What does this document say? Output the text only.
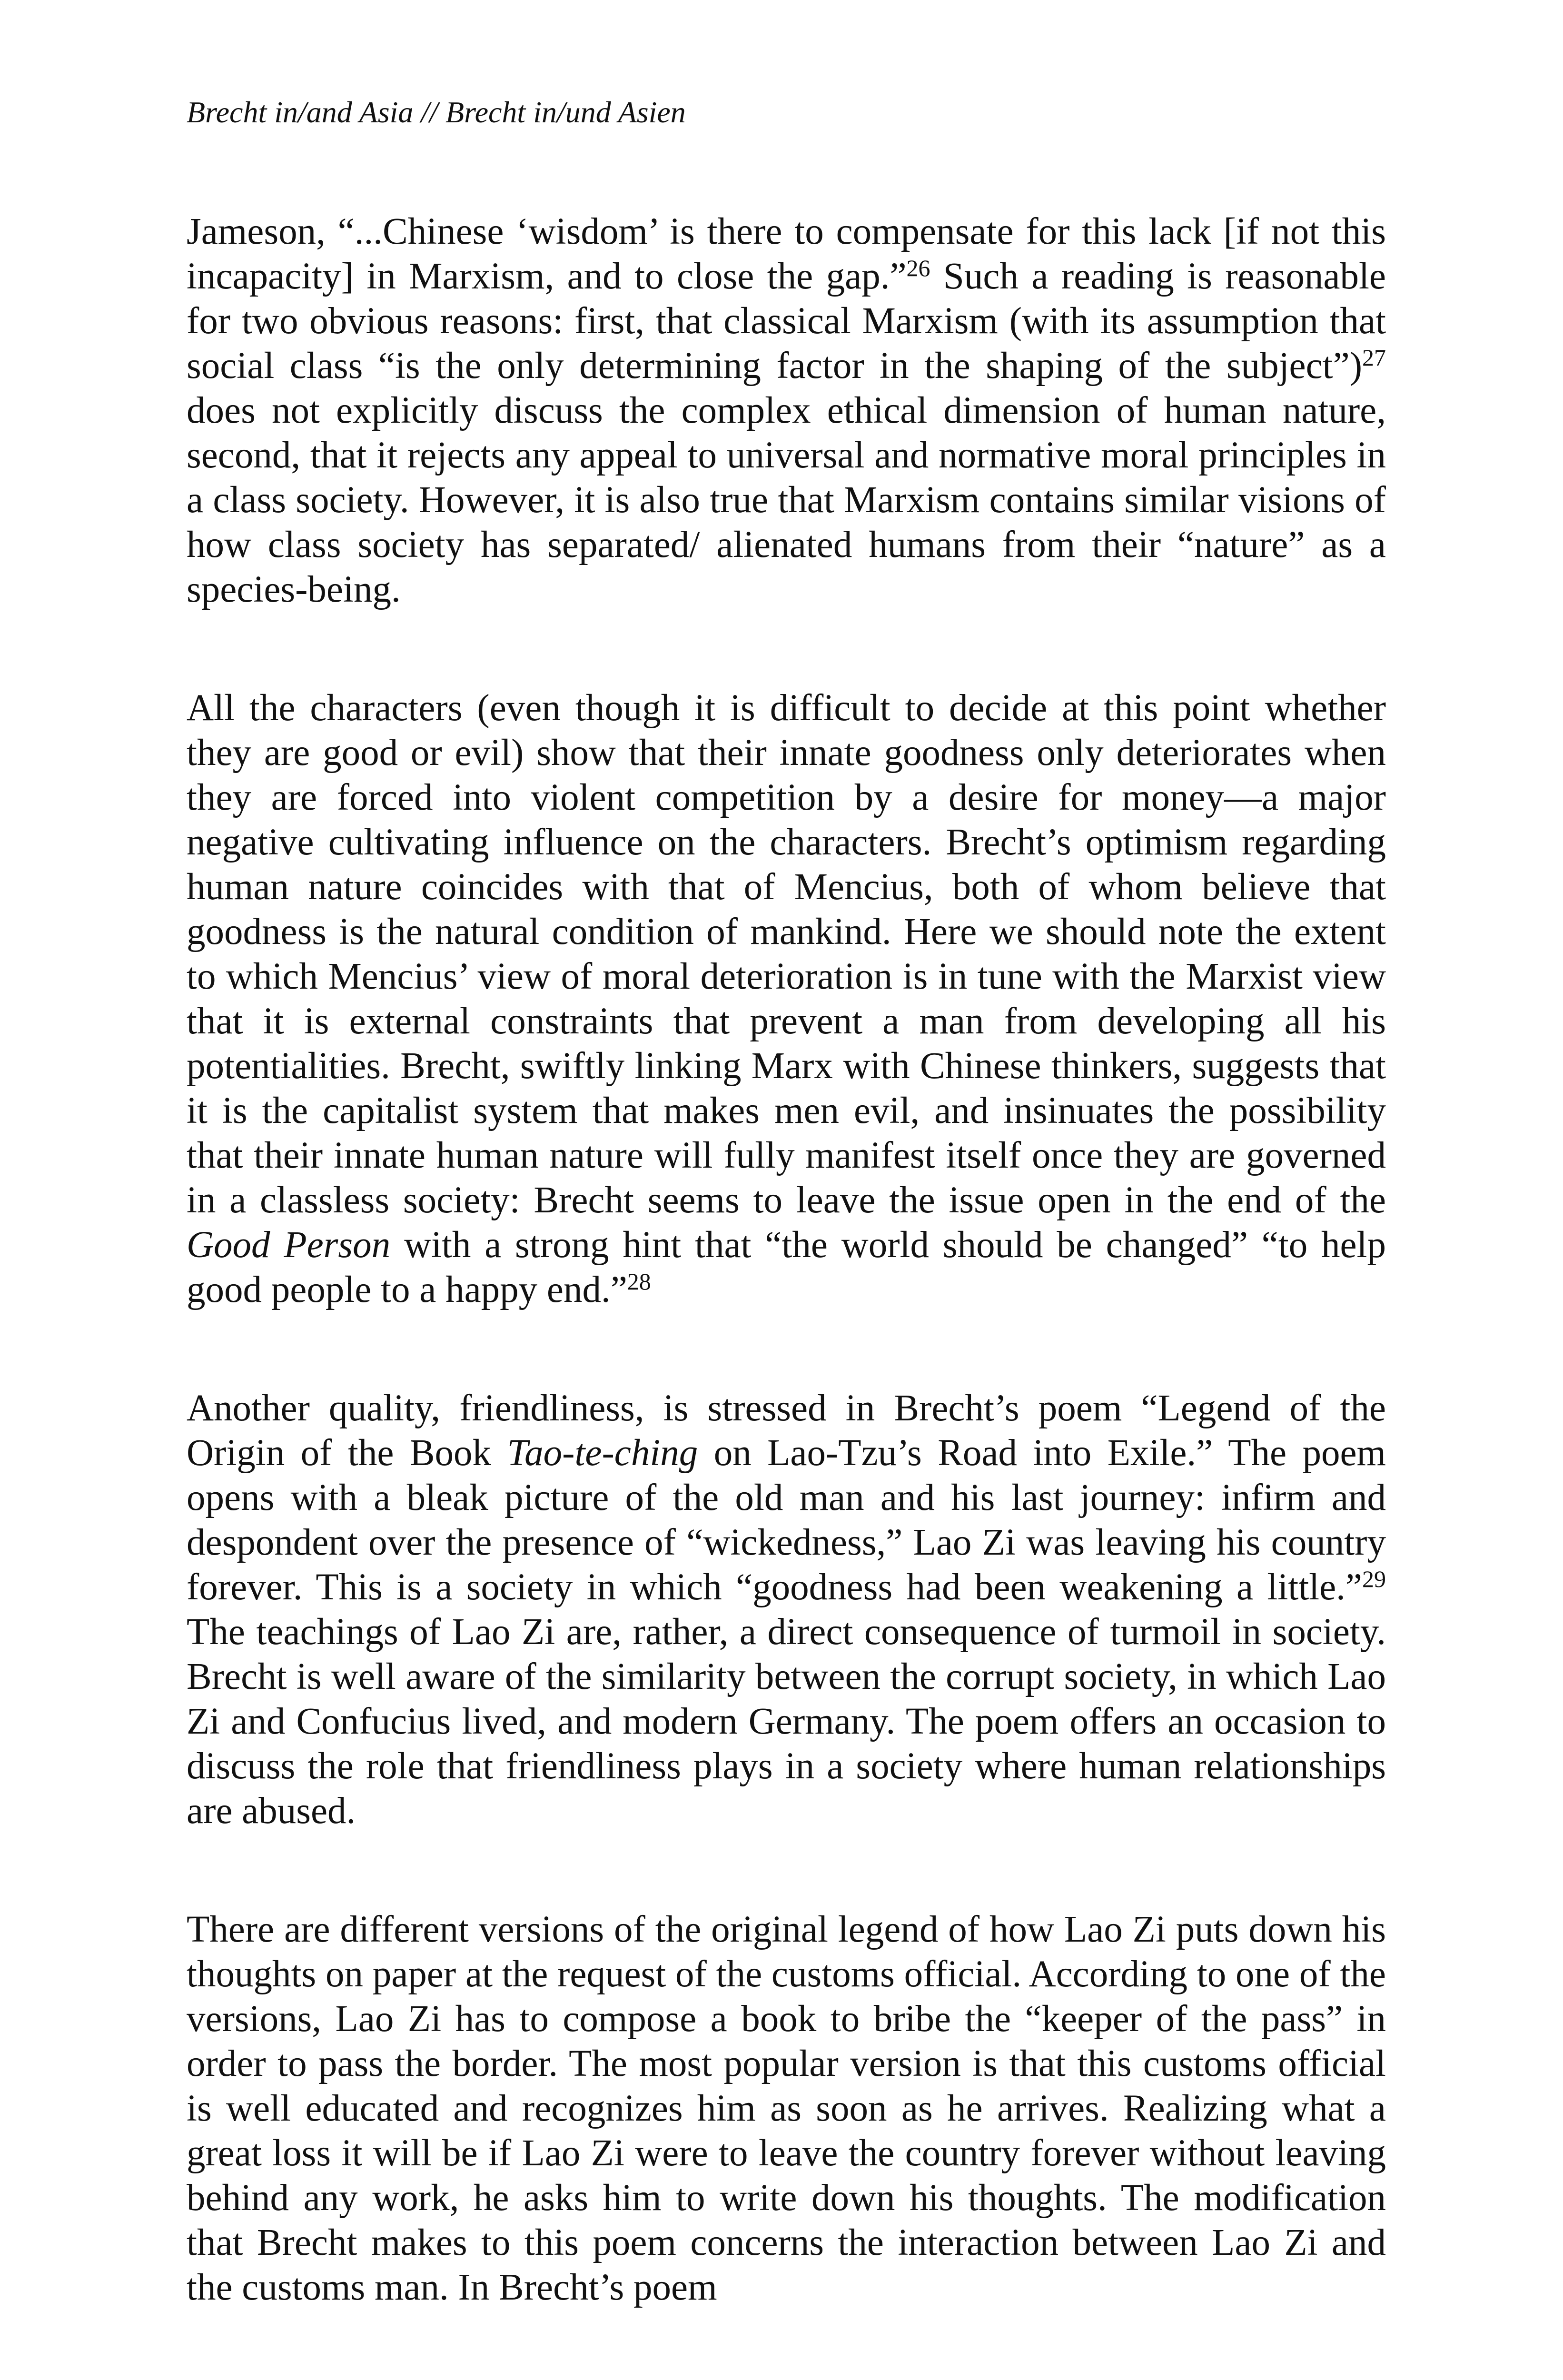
Brecht in/and Asia // Brecht in/und Asien

Jameson, “...Chinese ‘wisdom’ is there to compensate for this lack [if not this incapacity] in Marxism, and to close the gap.”$^{26}$ Such a reading is reasonable for two obvious reasons: first, that classical Marxism (with its assumption that social class “is the only determining factor in the shaping of the subject”)$^{27}$ does not explicitly discuss the complex ethical dimension of human nature, second, that it rejects any appeal to universal and normative moral principles in a class society. However, it is also true that Marxism contains similar visions of how class society has separated/ alienated humans from their “nature” as a species-being.

All the characters (even though it is difficult to decide at this point whether they are good or evil) show that their innate goodness only deteriorates when they are forced into violent competition by a desire for money—a major negative cultivating influence on the characters. Brecht’s optimism regarding human nature coincides with that of Mencius, both of whom believe that goodness is the natural condition of mankind. Here we should note the extent to which Mencius’ view of moral deterioration is in tune with the Marxist view that it is external constraints that prevent a man from developing all his potentialities. Brecht, swiftly linking Marx with Chinese thinkers, suggests that it is the capitalist system that makes men evil, and insinuates the possibility that their innate human nature will fully manifest itself once they are governed in a classless society: Brecht seems to leave the issue open in the end of the Good Person with a strong hint that “the world should be changed” “to help good people to a happy end.”$^{28}$

Another quality, friendliness, is stressed in Brecht’s poem “Legend of the Origin of the Book Tao-te-ching on Lao-Tzu’s Road into Exile.” The poem opens with a bleak picture of the old man and his last journey: infirm and despondent over the presence of “wickedness,” Lao Zi was leaving his country forever. This is a society in which “goodness had been weakening a little.”$^{29}$ The teachings of Lao Zi are, rather, a direct consequence of turmoil in society. Brecht is well aware of the similarity between the corrupt society, in which Lao Zi and Confucius lived, and modern Germany. The poem offers an occasion to discuss the role that friendliness plays in a society where human relationships are abused.

There are different versions of the original legend of how Lao Zi puts down his thoughts on paper at the request of the customs official. According to one of the versions, Lao Zi has to compose a book to bribe the “keeper of the pass” in order to pass the border. The most popular version is that this customs official is well educated and recognizes him as soon as he arrives. Realizing what a great loss it will be if Lao Zi were to leave the country forever without leaving behind any work, he asks him to write down his thoughts. The modification that Brecht makes to this poem concerns the interaction between Lao Zi and the customs man. In Brecht’s poem
